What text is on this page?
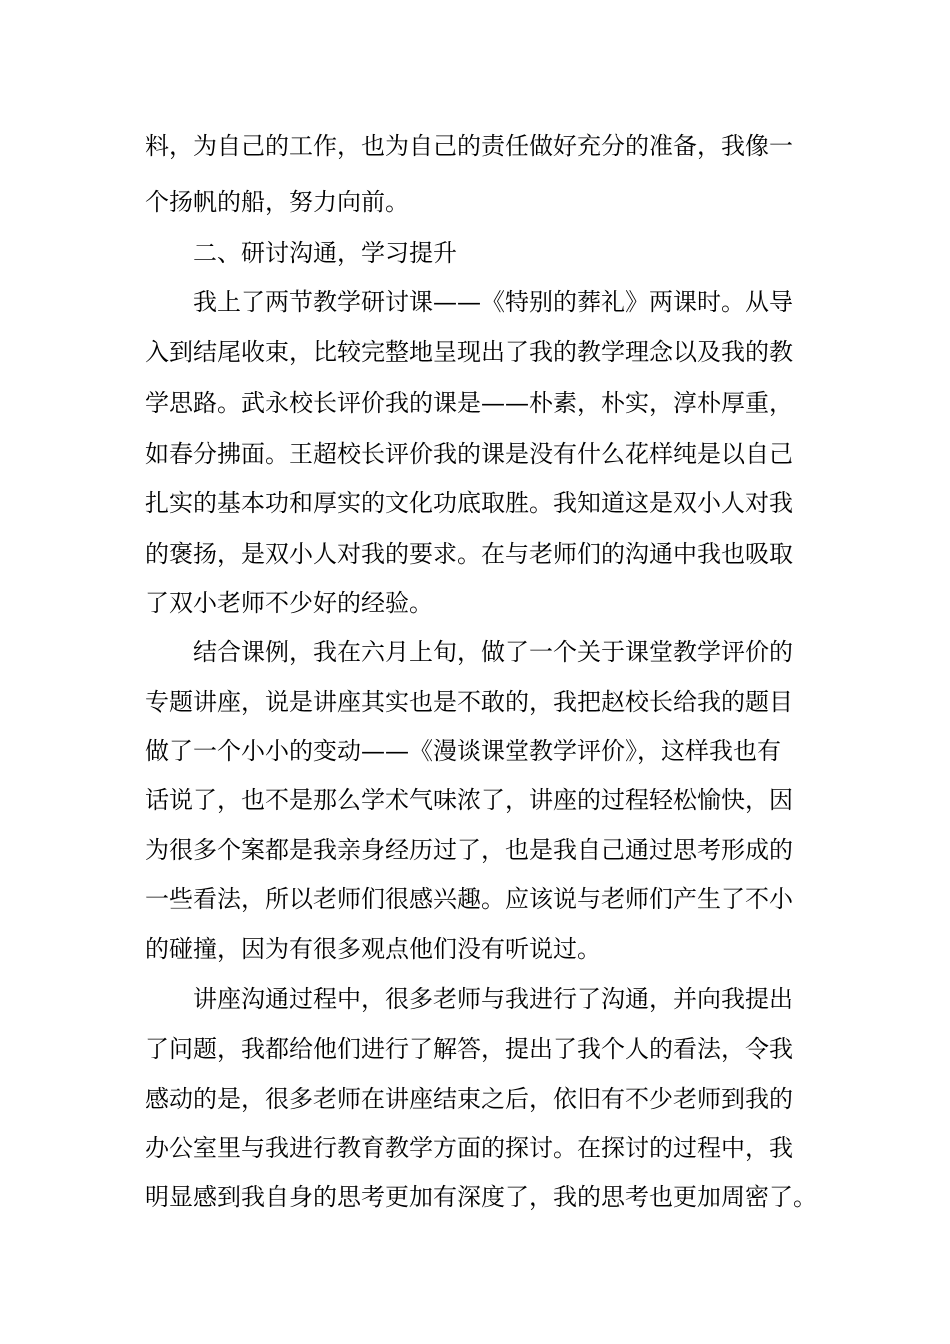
料，为自己的工作，也为自己的责任做好充分的准备，我像一
个扬帆的船，努力向前。
二、研讨沟通，学习提升
我上了两节教学研讨课——《特别的葬礼》两课时。从导
入到结尾收束，比较完整地呈现出了我的教学理念以及我的教
学思路。武永校长评价我的课是——朴素，朴实，淳朴厚重，
如春分拂面。王超校长评价我的课是没有什么花样纯是以自己
扎实的基本功和厚实的文化功底取胜。我知道这是双小人对我
的褒扬，是双小人对我的要求。在与老师们的沟通中我也吸取
了双小老师不少好的经验。
结合课例，我在六月上旬，做了一个关于课堂教学评价的
专题讲座，说是讲座其实也是不敢的，我把赵校长给我的题目
做了一个小小的变动——《漫谈课堂教学评价》，这样我也有
话说了，也不是那么学术气味浓了，讲座的过程轻松愉快，因
为很多个案都是我亲身经历过了，也是我自己通过思考形成的
一些看法，所以老师们很感兴趣。应该说与老师们产生了不小
的碰撞，因为有很多观点他们没有听说过。
讲座沟通过程中，很多老师与我进行了沟通，并向我提出
了问题，我都给他们进行了解答，提出了我个人的看法，令我
感动的是，很多老师在讲座结束之后，依旧有不少老师到我的
办公室里与我进行教育教学方面的探讨。在探讨的过程中，我
明显感到我自身的思考更加有深度了，我的思考也更加周密了。
